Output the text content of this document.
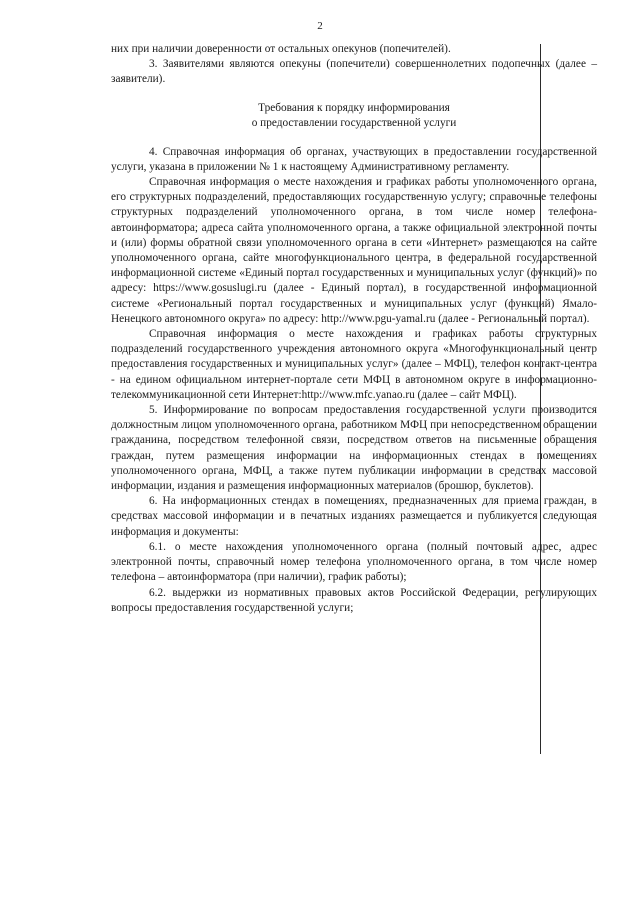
2

них при наличии доверенности от остальных опекунов (попечителей).

3. Заявителями являются опекуны (попечители) совершеннолетних подопечных (далее – заявители).

Требования к порядку информирования
о предоставлении государственной услуги

4. Справочная информация об органах, участвующих в предоставлении государственной услуги, указана в приложении № 1 к настоящему Административному регламенту.

Справочная информация о месте нахождения и графиках работы уполномоченного органа, его структурных подразделений, предоставляющих государственную услугу; справочные телефоны структурных подразделений уполномоченного органа, в том числе номер телефона-автоинформатора; адреса сайта уполномоченного органа, а также официальной электронной почты и (или) формы обратной связи уполномоченного органа в сети «Интернет» размещаются на сайте уполномоченного органа, сайте многофункционального центра, в федеральной государственной информационной системе «Единый портал государственных и муниципальных услуг (функций)» по адресу: https://www.gosuslugi.ru (далее - Единый портал), в государственной информационной системе «Региональный портал государственных и муниципальных услуг (функций) Ямало-Ненецкого автономного округа» по адресу: http://www.pgu-yamal.ru (далее - Региональный портал).

Справочная информация о месте нахождения и графиках работы структурных подразделений государственного учреждения автономного округа «Многофункциональный центр предоставления государственных и муниципальных услуг» (далее – МФЦ), телефон контакт-центра - на едином официальном интернет-портале сети МФЦ в автономном округе в информационно-телекоммуникационной сети Интернет:http://www.mfc.yanao.ru (далее – сайт МФЦ).

5. Информирование по вопросам предоставления государственной услуги производится должностным лицом уполномоченного органа, работником МФЦ при непосредственном обращении гражданина, посредством телефонной связи, посредством ответов на письменные обращения граждан, путем размещения информации на информационных стендах в помещениях уполномоченного органа, МФЦ, а также путем публикации информации в средствах массовой информации, издания и размещения информационных материалов (брошюр, буклетов).

6. На информационных стендах в помещениях, предназначенных для приема граждан, в средствах массовой информации и в печатных изданиях размещается и публикуется следующая информация и документы:

6.1. о месте нахождения уполномоченного органа (полный почтовый адрес, адрес электронной почты, справочный номер телефона уполномоченного органа, в том числе номер телефона – автоинформатора (при наличии), график работы);

6.2. выдержки из нормативных правовых актов Российской Федерации, регулирующих вопросы предоставления государственной услуги;
